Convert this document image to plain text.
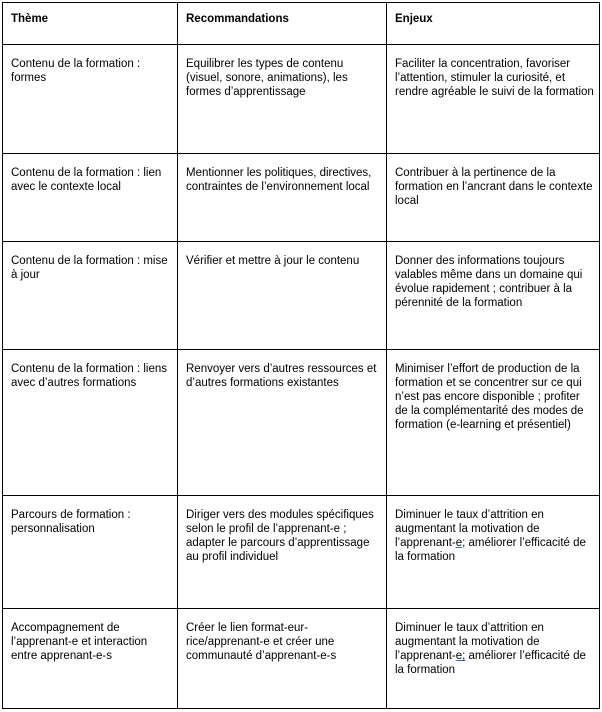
Thème	Recommandations	Enjeux
Contenu de la formation : formes	Equilibrer les types de contenu (visuel, sonore, animations), les formes d’apprentissage	Faciliter la concentration, favoriser l’attention, stimuler la curiosité, et rendre agréable le suivi de la formation
Contenu de la formation : lien avec le contexte local	Mentionner les politiques, directives, contraintes de l’environnement local	Contribuer à la pertinence de la formation en l’ancrant dans le contexte local
Contenu de la formation : mise à jour	Vérifier et mettre à jour le contenu	Donner des informations toujours valables même dans un domaine qui évolue rapidement ; contribuer à la pérennité de la formation
Contenu de la formation : liens avec d’autres formations	Renvoyer vers d’autres ressources et d’autres formations existantes	Minimiser l’effort de production de la formation et se concentrer sur ce qui n’est pas encore disponible ; profiter de la complémentarité des modes de formation (e-learning et présentiel)
Parcours de formation : personnalisation	Diriger vers des modules spécifiques selon le profil de l’apprenant-e ; adapter le parcours d’apprentissage au profil individuel	Diminuer le taux d’attrition en augmentant la motivation de l’apprenant-e; améliorer l’efficacité de la formation
Accompagnement de l’apprenant-e et interaction entre apprenant-e-s	Créer le lien format-eur-rice/apprenant-e et créer une communauté d’apprenant-e-s	Diminuer le taux d’attrition en augmentant la motivation de l’apprenant-e; améliorer l’efficacité de la formation
